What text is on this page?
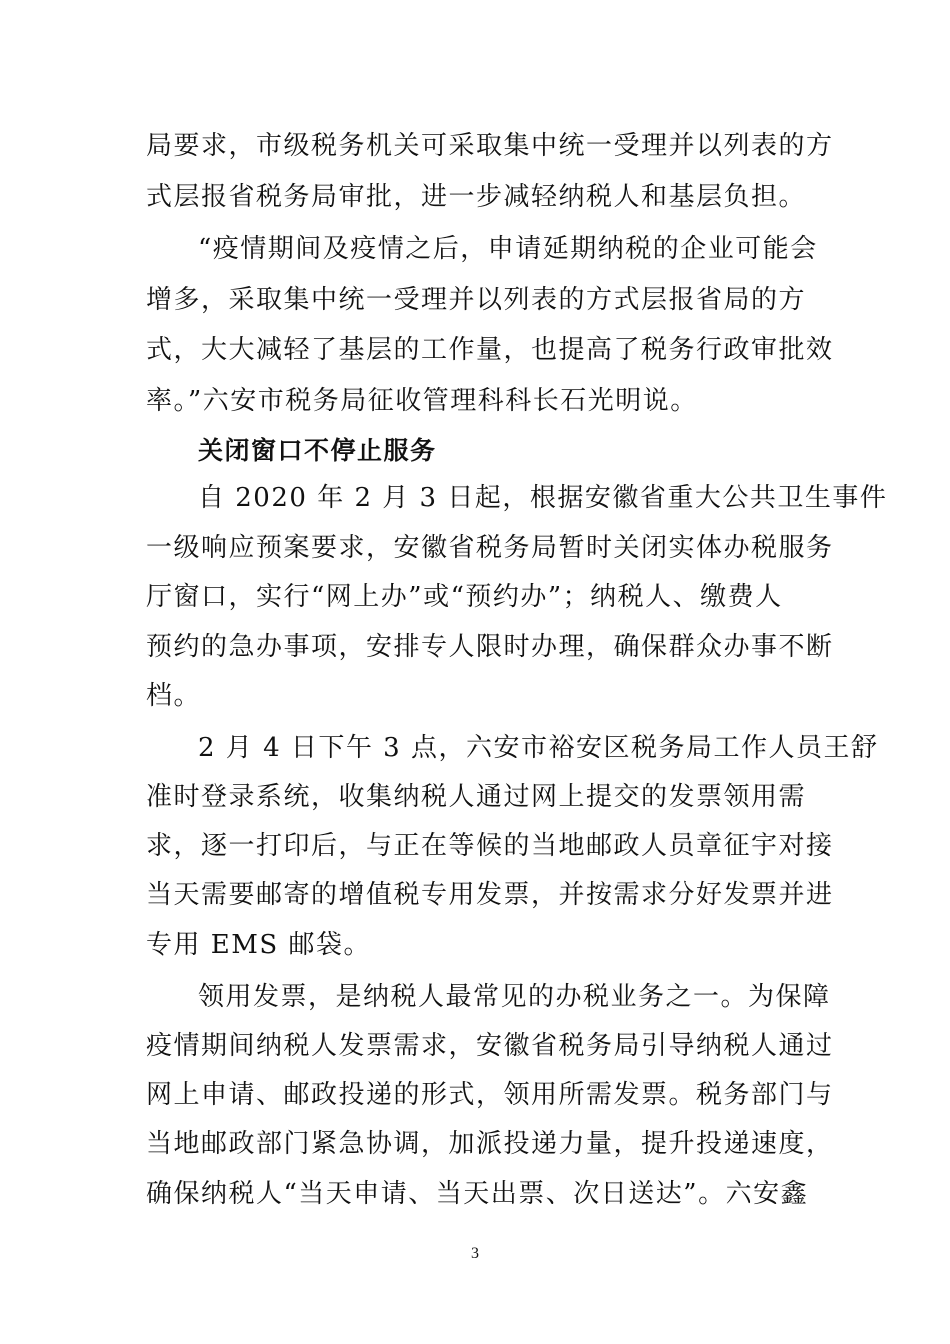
局要求，市级税务机关可采取集中统一受理并以列表的方
式层报省税务局审批，进一步减轻纳税人和基层负担。
“疫情期间及疫情之后，申请延期纳税的企业可能会
增多，采取集中统一受理并以列表的方式层报省局的方
式，大大减轻了基层的工作量，也提高了税务行政审批效
率。”六安市税务局征收管理科科长石光明说。
关闭窗口不停止服务
自 2020 年 2 月 3 日起，根据安徽省重大公共卫生事件
一级响应预案要求，安徽省税务局暂时关闭实体办税服务
厅窗口，实行“网上办”或“预约办”；纳税人、缴费人
预约的急办事项，安排专人限时办理，确保群众办事不断
档。
2 月 4 日下午 3 点，六安市裕安区税务局工作人员王舒
准时登录系统，收集纳税人通过网上提交的发票领用需
求，逐一打印后，与正在等候的当地邮政人员章征宇对接
当天需要邮寄的增值税专用发票，并按需求分好发票并进
专用 EMS 邮袋。
领用发票，是纳税人最常见的办税业务之一。为保障
疫情期间纳税人发票需求，安徽省税务局引导纳税人通过
网上申请、邮政投递的形式，领用所需发票。税务部门与
当地邮政部门紧急协调，加派投递力量，提升投递速度，
确保纳税人“当天申请、当天出票、次日送达”。六安鑫
3
